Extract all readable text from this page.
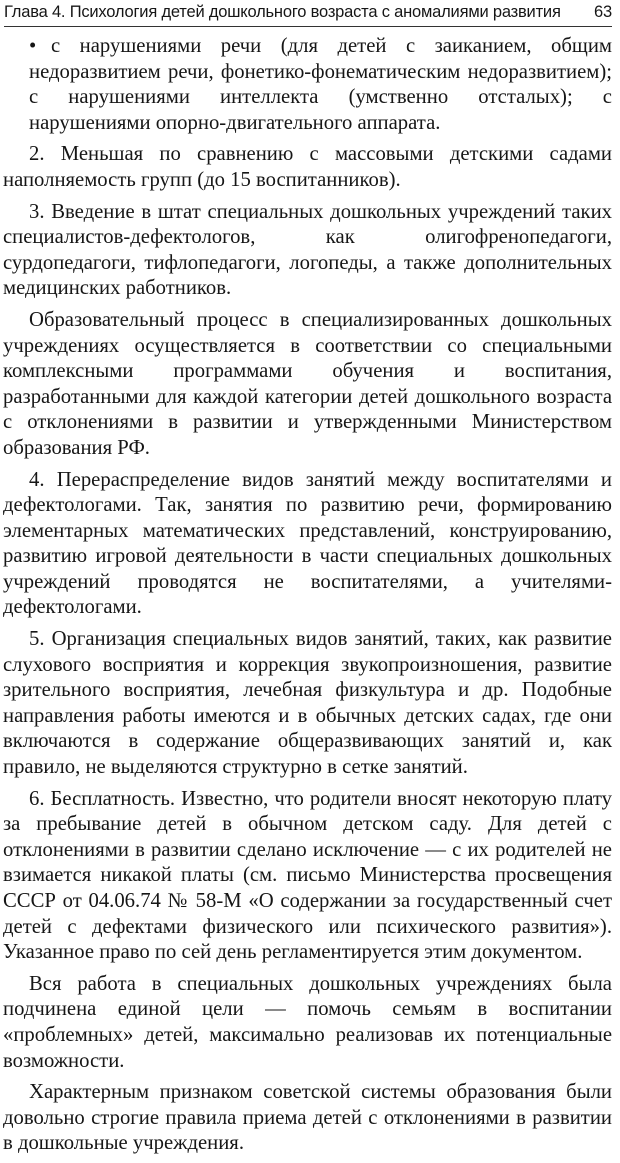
Глава 4. Психология детей дошкольного возраста с аномалиями развития 63

• с нарушениями речи (для детей с заиканием, общим недоразвитием речи, фонетико-фонематическим недоразвитием); с нарушениями интеллекта (умственно отсталых); с нарушениями опорно-двигательного аппарата.

2. Меньшая по сравнению с массовыми детскими садами наполняемость групп (до 15 воспитанников).

3. Введение в штат специальных дошкольных учреждений таких специалистов-дефектологов, как олигофренопедагоги, сурдопедагоги, тифлопедагоги, логопеды, а также дополнительных медицинских работников.

Образовательный процесс в специализированных дошкольных учреждениях осуществляется в соответствии со специальными комплексными программами обучения и воспитания, разработанными для каждой категории детей дошкольного возраста с отклонениями в развитии и утвержденными Министерством образования РФ.

4. Перераспределение видов занятий между воспитателями и дефектологами. Так, занятия по развитию речи, формированию элементарных математических представлений, конструированию, развитию игровой деятельности в части специальных дошкольных учреждений проводятся не воспитателями, а учителями-дефектологами.

5. Организация специальных видов занятий, таких, как развитие слухового восприятия и коррекция звукопроизношения, развитие зрительного восприятия, лечебная физкультура и др. Подобные направления работы имеются и в обычных детских садах, где они включаются в содержание общеразвивающих занятий и, как правило, не выделяются структурно в сетке занятий.

6. Бесплатность. Известно, что родители вносят некоторую плату за пребывание детей в обычном детском саду. Для детей с отклонениями в развитии сделано исключение — с их родителей не взимается никакой платы (см. письмо Министерства просвещения СССР от 04.06.74 № 58-М «О содержании за государственный счет детей с дефектами физического или психического развития»). Указанное право по сей день регламентируется этим документом.

Вся работа в специальных дошкольных учреждениях была подчинена единой цели — помочь семьям в воспитании «проблемных» детей, максимально реализовав их потенциальные возможности.

Характерным признаком советской системы образования были довольно строгие правила приема детей с отклонениями в развитии в дошкольные учреждения.
